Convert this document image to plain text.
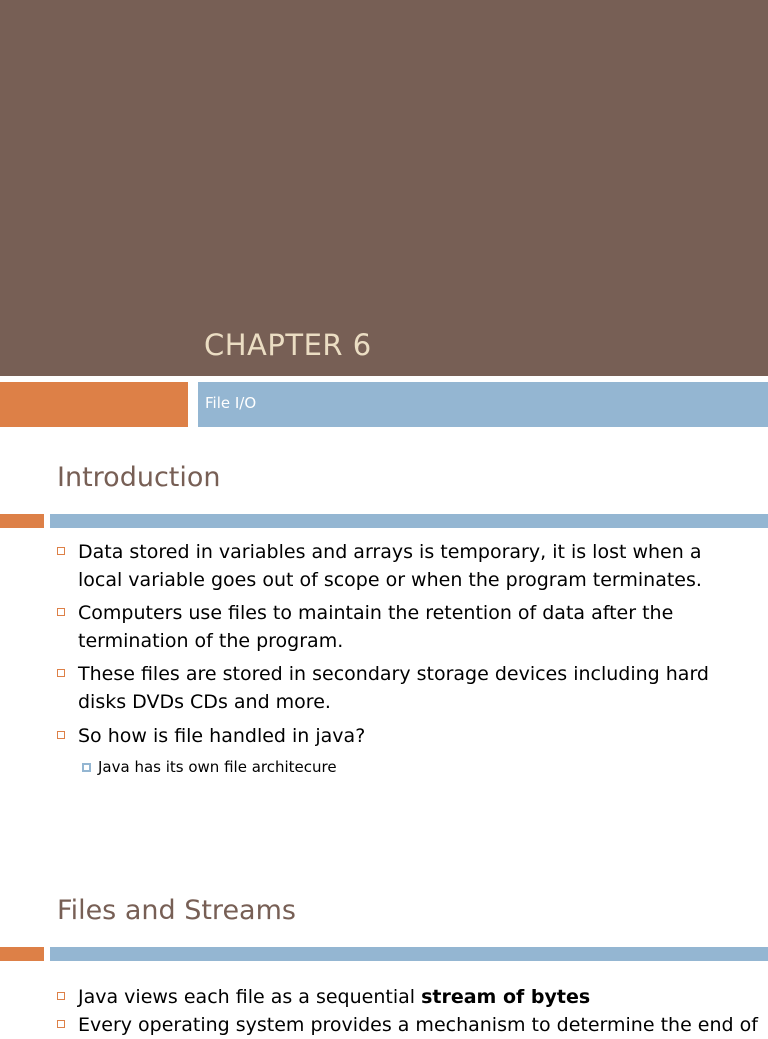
CHAPTER 6
File I/O
Introduction
Data stored in variables and arrays is temporary, it is lost when a local variable goes out of scope or when the program terminates.
Computers use files to maintain the retention of data after the termination of the program.
These files are stored in secondary storage devices including hard disks DVDs CDs and more.
So how is file handled in java?
Java has its own file architecure
Files and Streams
Java views each file as a sequential stream of bytes
Every operating system provides a mechanism to determine the end of
